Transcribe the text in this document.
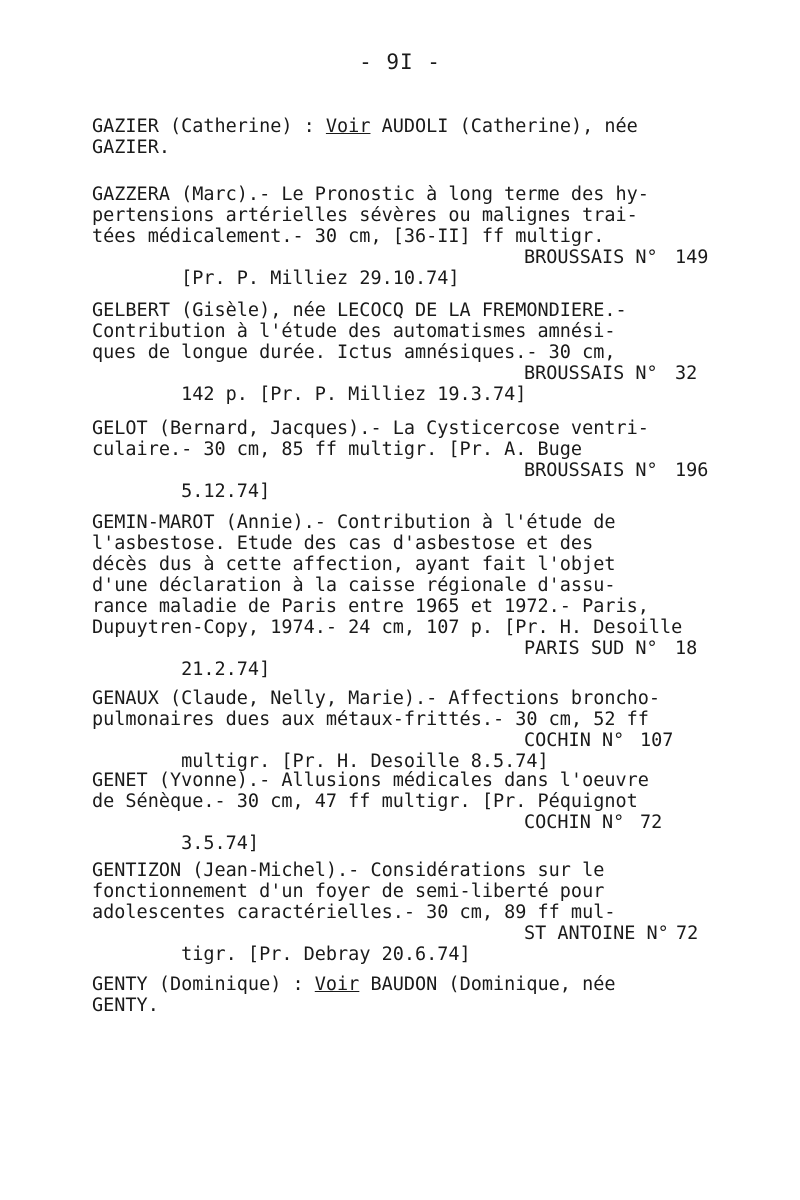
- 9I -
GAZIER (Catherine) : Voir AUDOLI (Catherine), née
GAZIER.
GAZZERA (Marc).- Le Pronostic à long terme des hy-
pertensions artérielles sévères ou malignes trai-
tées médicalement.- 30 cm, [36-II] ff multigr.

[Pr. P. Milliez 29.10.74]

BROUSSAIS N°

149

GELBERT (Gisèle), née LECOCQ DE LA FREMONDIERE.-
Contribution à l'étude des automatismes amnési-
ques de longue durée. Ictus amnésiques.- 30 cm,

142 p. [Pr. P. Milliez 19.3.74]

BROUSSAIS N°

32

GELOT (Bernard, Jacques).- La Cysticercose ventri-
culaire.- 30 cm, 85 ff multigr. [Pr. A. Buge

5.12.74]

BROUSSAIS N°

196

GEMIN-MAROT (Annie).- Contribution à l'étude de
l'asbestose. Etude des cas d'asbestose et des
décès dus à cette affection, ayant fait l'objet
d'une déclaration à la caisse régionale d'assu-
rance maladie de Paris entre 1965 et 1972.- Paris,
Dupuytren-Copy, 1974.- 24 cm, 107 p. [Pr. H. Desoille

21.2.74]

PARIS SUD N°

18

GENAUX (Claude, Nelly, Marie).- Affections broncho-
pulmonaires dues aux métaux-frittés.- 30 cm, 52 ff

multigr. [Pr. H. Desoille 8.5.74]

COCHIN N°

107

GENET (Yvonne).- Allusions médicales dans l'oeuvre
de Sénèque.- 30 cm, 47 ff multigr. [Pr. Péquignot

3.5.74]

COCHIN N°

72

GENTIZON (Jean-Michel).- Considérations sur le
fonctionnement d'un foyer de semi-liberté pour
adolescentes caractérielles.- 30 cm, 89 ff mul-

tigr. [Pr. Debray 20.6.74]

ST ANTOINE N°

72

GENTY (Dominique) : Voir BAUDON (Dominique, née
GENTY.
